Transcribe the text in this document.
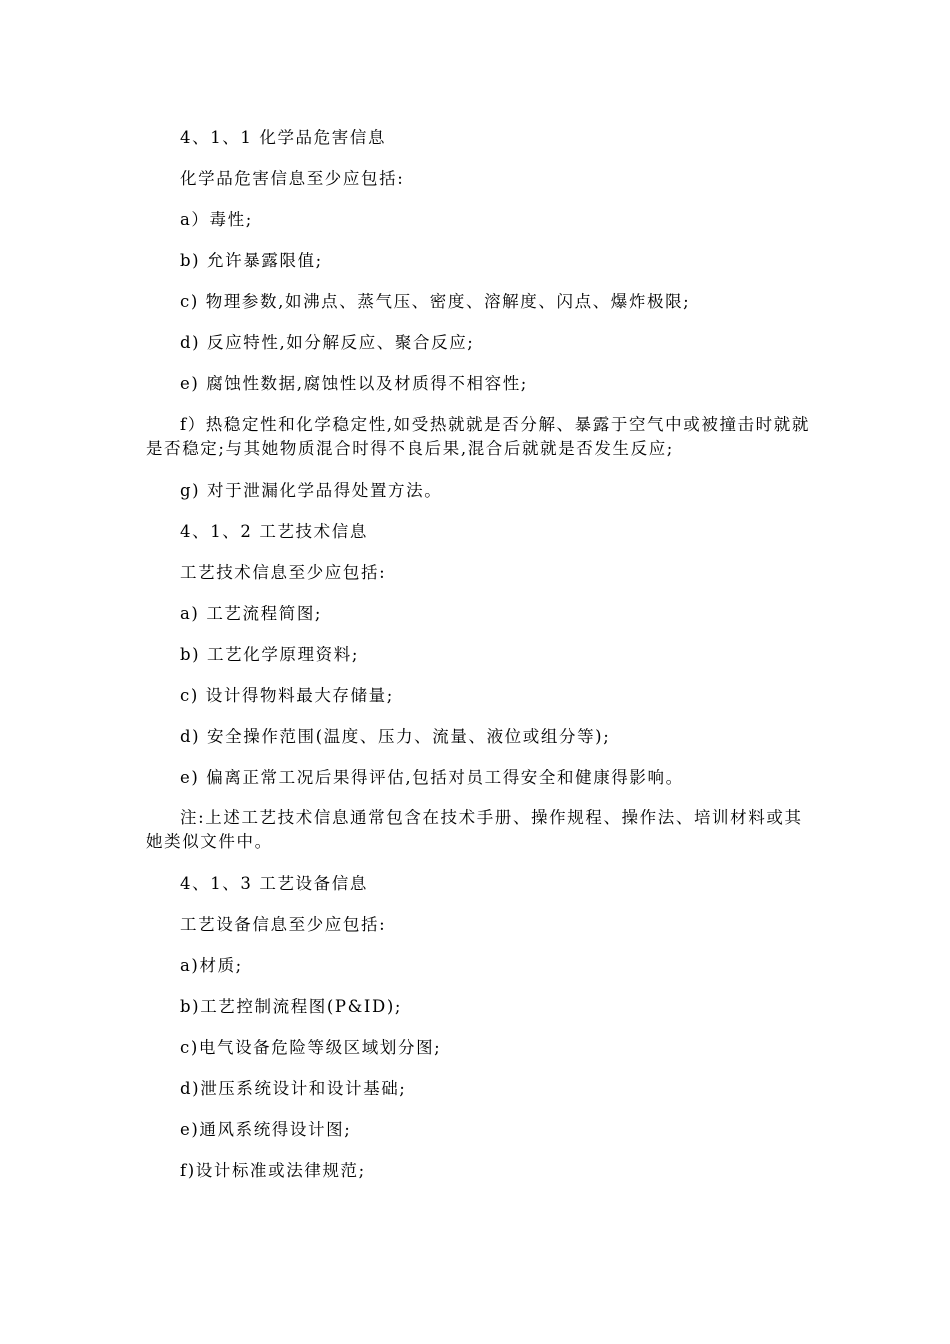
4、1、1 化学品危害信息
化学品危害信息至少应包括:
a）毒性;
b) 允许暴露限值;
c) 物理参数,如沸点、蒸气压、密度、溶解度、闪点、爆炸极限;
d) 反应特性,如分解反应、聚合反应;
e) 腐蚀性数据,腐蚀性以及材质得不相容性;
f）热稳定性和化学稳定性,如受热就就是否分解、暴露于空气中或被撞击时就就是否稳定;与其她物质混合时得不良后果,混合后就就是否发生反应;
g) 对于泄漏化学品得处置方法。
4、1、2 工艺技术信息
工艺技术信息至少应包括:
a) 工艺流程简图;
b) 工艺化学原理资料;
c) 设计得物料最大存储量;
d) 安全操作范围(温度、压力、流量、液位或组分等);
e) 偏离正常工况后果得评估,包括对员工得安全和健康得影响。
注:上述工艺技术信息通常包含在技术手册、操作规程、操作法、培训材料或其她类似文件中。
4、1、3 工艺设备信息
工艺设备信息至少应包括:
a)材质;
b)工艺控制流程图(P&ID);
c)电气设备危险等级区域划分图;
d)泄压系统设计和设计基础;
e)通风系统得设计图;
f)设计标准或法律规范;
